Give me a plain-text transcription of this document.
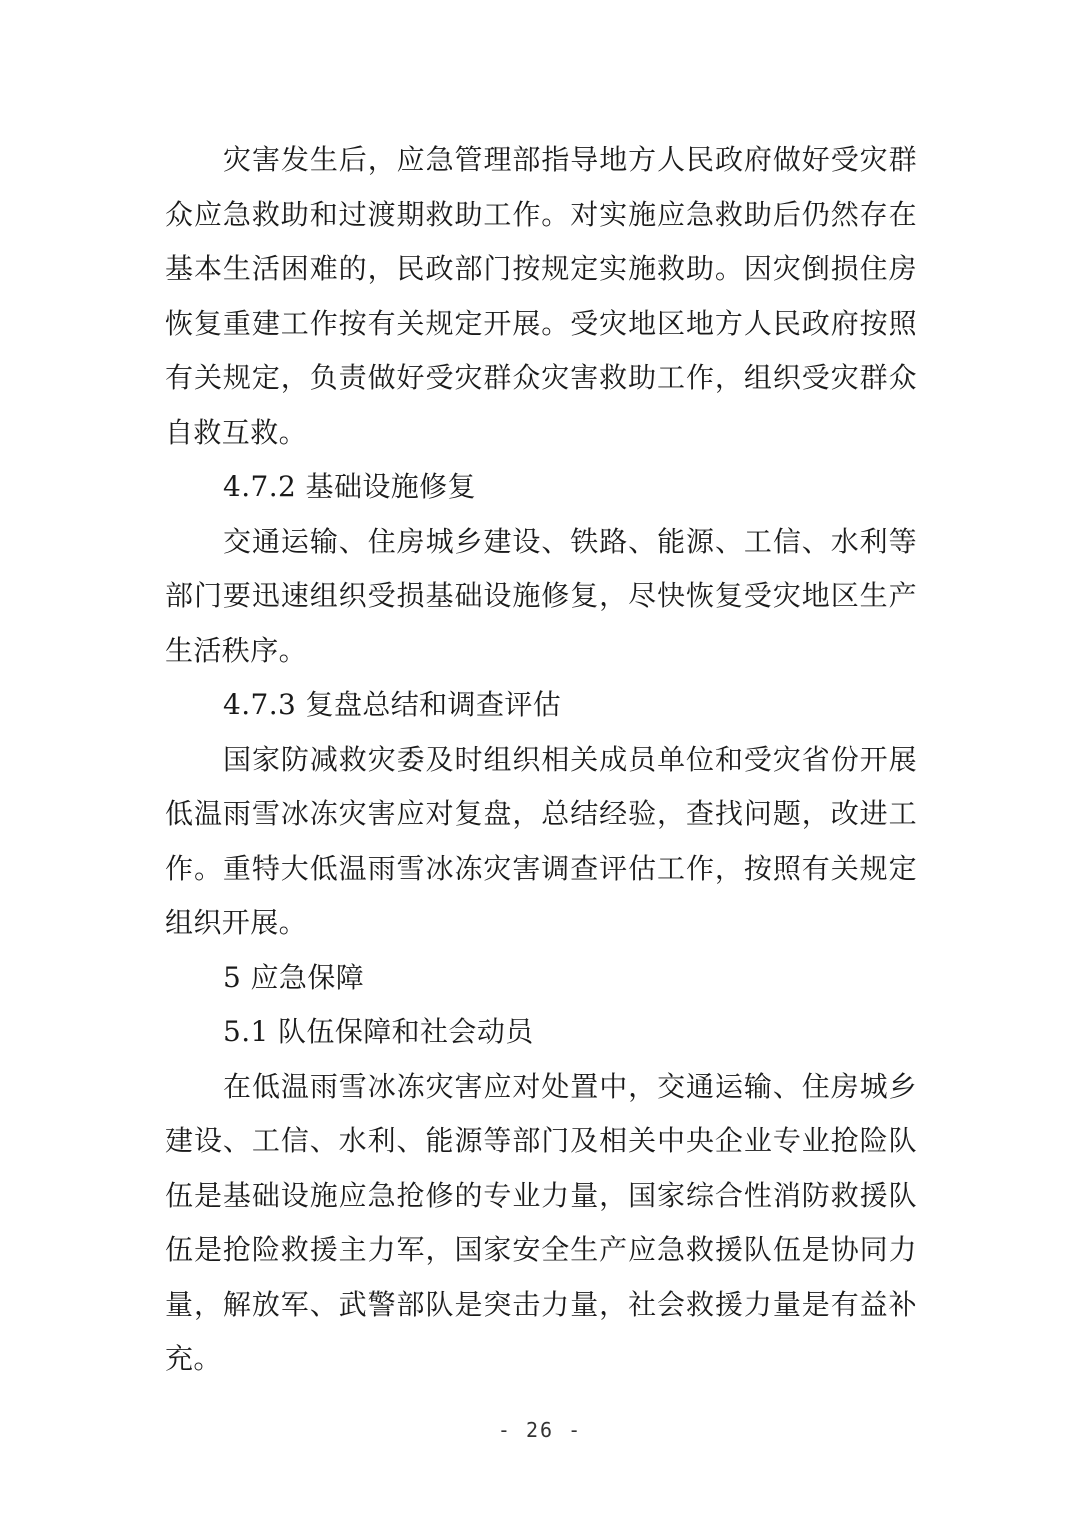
灾害发生后，应急管理部指导地方人民政府做好受灾群众应急救助和过渡期救助工作。对实施应急救助后仍然存在基本生活困难的，民政部门按规定实施救助。因灾倒损住房恢复重建工作按有关规定开展。受灾地区地方人民政府按照有关规定，负责做好受灾群众灾害救助工作，组织受灾群众自救互救。

4.7.2 基础设施修复

交通运输、住房城乡建设、铁路、能源、工信、水利等部门要迅速组织受损基础设施修复，尽快恢复受灾地区生产生活秩序。

4.7.3 复盘总结和调查评估

国家防减救灾委及时组织相关成员单位和受灾省份开展低温雨雪冰冻灾害应对复盘，总结经验，查找问题，改进工作。重特大低温雨雪冰冻灾害调查评估工作，按照有关规定组织开展。

5 应急保障

5.1 队伍保障和社会动员

在低温雨雪冰冻灾害应对处置中，交通运输、住房城乡建设、工信、水利、能源等部门及相关中央企业专业抢险队伍是基础设施应急抢修的专业力量，国家综合性消防救援队伍是抢险救援主力军，国家安全生产应急救援队伍是协同力量，解放军、武警部队是突击力量，社会救援力量是有益补充。

- 26 -
